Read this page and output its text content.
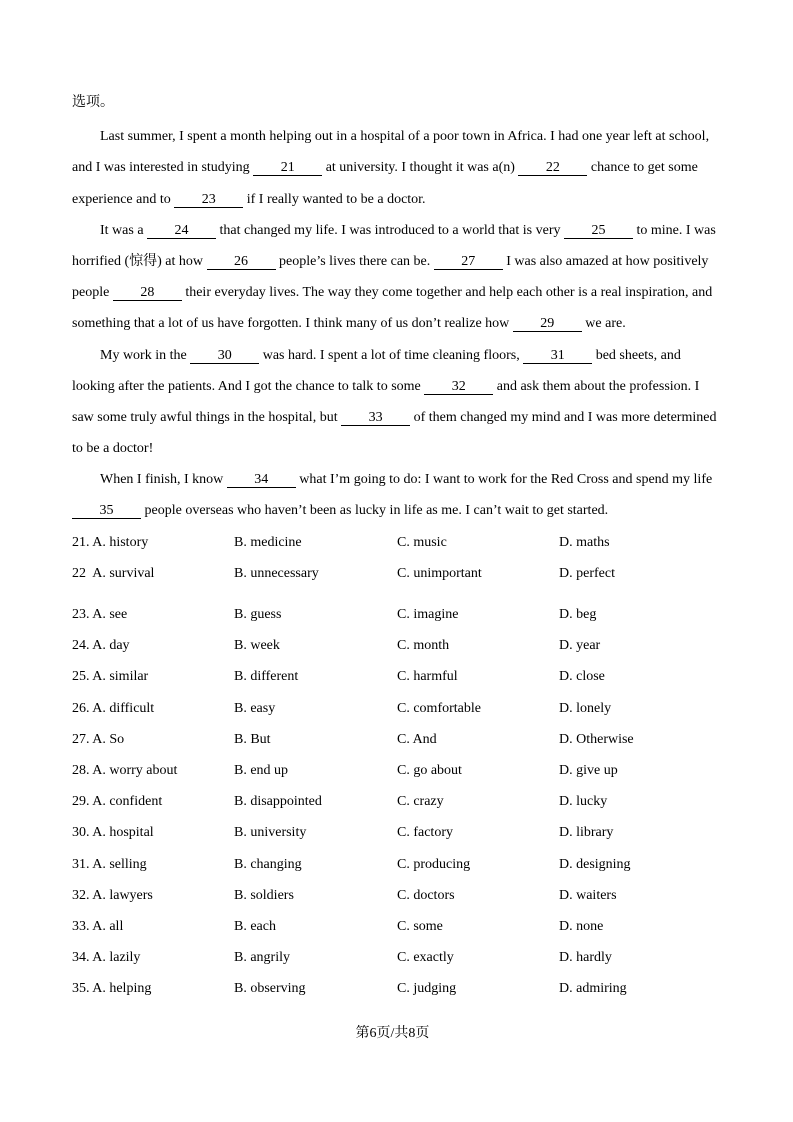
选项。
Last summer, I spent a month helping out in a hospital of a poor town in Africa. I had one year left at school,
and I was interested in studying 21 at university. I thought it was a(n) 22 chance to get some
experience and to 23 if I really wanted to be a doctor.
It was a 24 that changed my life. I was introduced to a world that is very 25 to mine. I was
horrified (惊得) at how 26 people’s lives there can be. 27 I was also amazed at how positively
people 28 their everyday lives. The way they come together and help each other is a real inspiration, and
something that a lot of us have forgotten. I think many of us don’t realize how 29 we are.
My work in the 30 was hard. I spent a lot of time cleaning floors, 31 bed sheets, and
looking after the patients. And I got the chance to talk to some 32 and ask them about the profession. I
saw some truly awful things in the hospital, but 33 of them changed my mind and I was more determined
to be a doctor!
When I finish, I know 34 what I’m going to do: I want to work for the Red Cross and spend my life
35 people overseas who haven’t been as lucky in life as me. I can’t wait to get started.
21. A. history	B. medicine	C. music	D. maths
22  A. survival	B. unnecessary	C. unimportant	D. perfect
23. A. see	B. guess	C. imagine	D. beg
24. A. day	B. week	C. month	D. year
25. A. similar	B. different	C. harmful	D. close
26. A. difficult	B. easy	C. comfortable	D. lonely
27. A. So	B. But	C. And	D. Otherwise
28. A. worry about	B. end up	C. go about	D. give up
29. A. confident	B. disappointed	C. crazy	D. lucky
30. A. hospital	B. university	C. factory	D. library
31. A. selling	B. changing	C. producing	D. designing
32. A. lawyers	B. soldiers	C. doctors	D. waiters
33. A. all	B. each	C. some	D. none
34. A. lazily	B. angrily	C. exactly	D. hardly
35. A. helping	B. observing	C. judging	D. admiring
第6页/共8页
